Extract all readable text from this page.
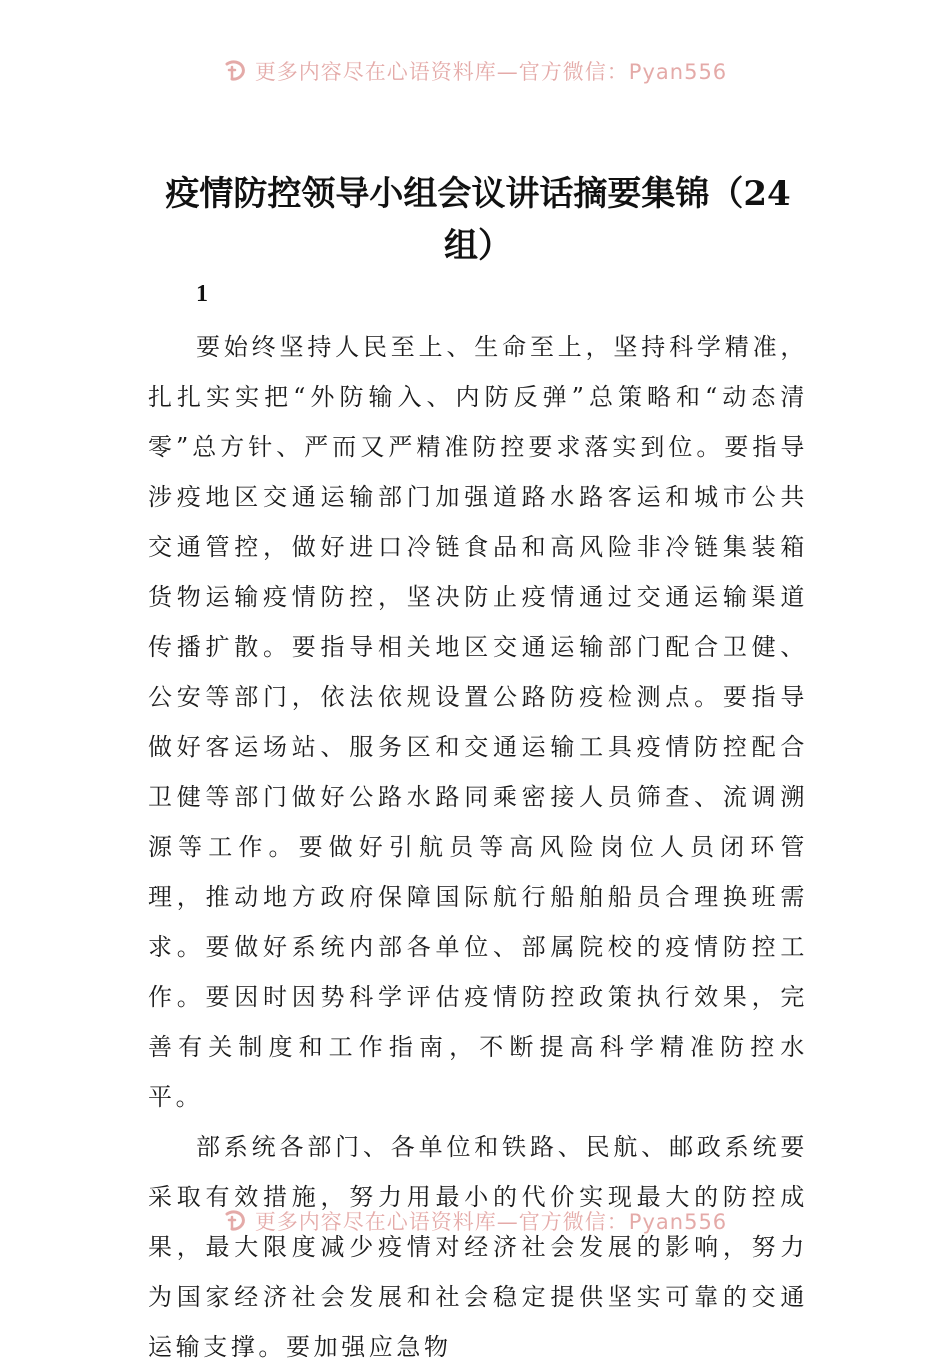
更多内容尽在心语资料库—官方微信：Pyan556
疫情防控领导小组会议讲话摘要集锦（24组）
1

要始终坚持人民至上、生命至上，坚持科学精准，扎扎实实把“外防输入、内防反弹”总策略和“动态清零”总方针、严而又严精准防控要求落实到位。要指导涉疫地区交通运输部门加强道路水路客运和城市公共交通管控，做好进口冷链食品和高风险非冷链集装箱货物运输疫情防控，坚决防止疫情通过交通运输渠道传播扩散。要指导相关地区交通运输部门配合卫健、公安等部门，依法依规设置公路防疫检测点。要指导做好客运场站、服务区和交通运输工具疫情防控配合卫健等部门做好公路水路同乘密接人员筛查、流调溯源等工作。要做好引航员等高风险岗位人员闭环管理，推动地方政府保障国际航行船舶船员合理换班需求。要做好系统内部各单位、部属院校的疫情防控工作。要因时因势科学评估疫情防控政策执行效果，完善有关制度和工作指南，不断提高科学精准防控水平。

部系统各部门、各单位和铁路、民航、邮政系统要采取有效措施，努力用最小的代价实现最大的防控成果，最大限度减少疫情对经济社会发展的影响，努力为国家经济社会发展和社会稳定提供坚实可靠的交通运输支撑。要加强应急物

更多内容尽在心语资料库—官方微信：Pyan556
